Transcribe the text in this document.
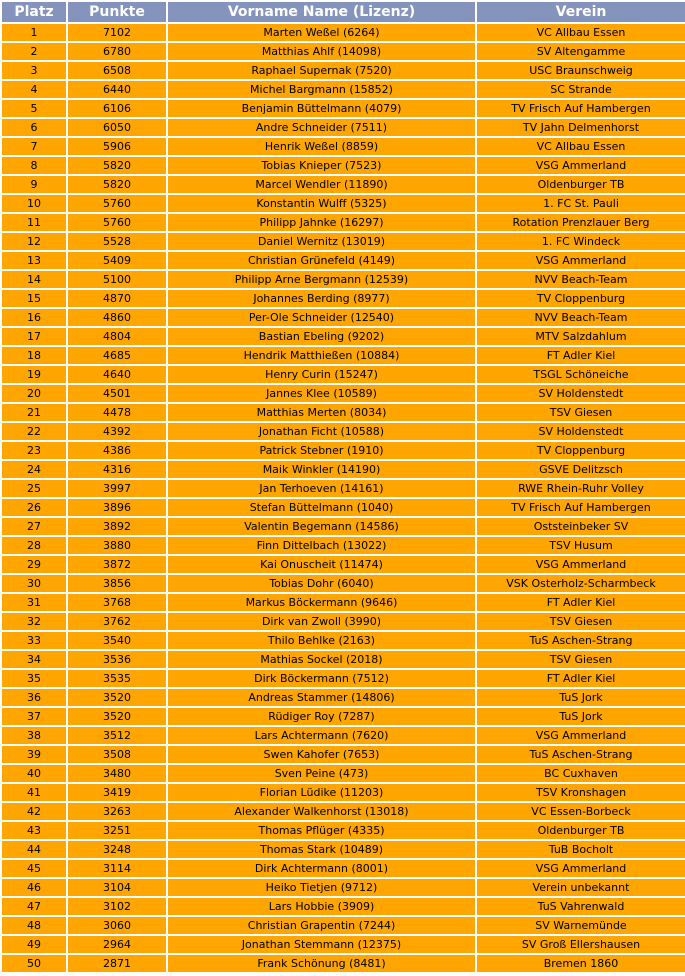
Platz	Punkte	Vorname Name (Lizenz)	Verein
1	7102	Marten Weßel (6264)	VC Allbau Essen
2	6780	Matthias Ahlf (14098)	SV Altengamme
3	6508	Raphael Supernak (7520)	USC Braunschweig
4	6440	Michel Bargmann (15852)	SC Strande
5	6106	Benjamin Büttelmann (4079)	TV Frisch Auf Hambergen
6	6050	Andre Schneider (7511)	TV Jahn Delmenhorst
7	5906	Henrik Weßel (8859)	VC Allbau Essen
8	5820	Tobias Knieper (7523)	VSG Ammerland
9	5820	Marcel Wendler (11890)	Oldenburger TB
10	5760	Konstantin Wulff (5325)	1. FC St. Pauli
11	5760	Philipp Jahnke (16297)	Rotation Prenzlauer Berg
12	5528	Daniel Wernitz (13019)	1. FC Windeck
13	5409	Christian Grünefeld (4149)	VSG Ammerland
14	5100	Philipp Arne Bergmann (12539)	NVV Beach-Team
15	4870	Johannes Berding (8977)	TV Cloppenburg
16	4860	Per-Ole Schneider (12540)	NVV Beach-Team
17	4804	Bastian Ebeling (9202)	MTV Salzdahlum
18	4685	Hendrik Matthießen (10884)	FT Adler Kiel
19	4640	Henry Curin (15247)	TSGL Schöneiche
20	4501	Jannes Klee (10589)	SV Holdenstedt
21	4478	Matthias Merten (8034)	TSV Giesen
22	4392	Jonathan Ficht (10588)	SV Holdenstedt
23	4386	Patrick Stebner (1910)	TV Cloppenburg
24	4316	Maik Winkler (14190)	GSVE Delitzsch
25	3997	Jan Terhoeven (14161)	RWE Rhein-Ruhr Volley
26	3896	Stefan Büttelmann (1040)	TV Frisch Auf Hambergen
27	3892	Valentin Begemann (14586)	Oststeinbeker SV
28	3880	Finn Dittelbach (13022)	TSV Husum
29	3872	Kai Onuscheit (11474)	VSG Ammerland
30	3856	Tobias Dohr (6040)	VSK Osterholz-Scharmbeck
31	3768	Markus Böckermann (9646)	FT Adler Kiel
32	3762	Dirk van Zwoll (3990)	TSV Giesen
33	3540	Thilo Behlke (2163)	TuS Aschen-Strang
34	3536	Mathias Sockel (2018)	TSV Giesen
35	3535	Dirk Böckermann (7512)	FT Adler Kiel
36	3520	Andreas Stammer (14806)	TuS Jork
37	3520	Rüdiger Roy (7287)	TuS Jork
38	3512	Lars Achtermann (7620)	VSG Ammerland
39	3508	Swen Kahofer (7653)	TuS Aschen-Strang
40	3480	Sven Peine (473)	BC Cuxhaven
41	3419	Florian Lüdike (11203)	TSV Kronshagen
42	3263	Alexander Walkenhorst (13018)	VC Essen-Borbeck
43	3251	Thomas Pflüger (4335)	Oldenburger TB
44	3248	Thomas Stark (10489)	TuB Bocholt
45	3114	Dirk Achtermann (8001)	VSG Ammerland
46	3104	Heiko Tietjen (9712)	Verein unbekannt
47	3102	Lars Hobbie (3909)	TuS Vahrenwald
48	3060	Christian Grapentin (7244)	SV Warnemünde
49	2964	Jonathan Stemmann (12375)	SV Groß Ellershausen
50	2871	Frank Schönung (8481)	Bremen 1860
